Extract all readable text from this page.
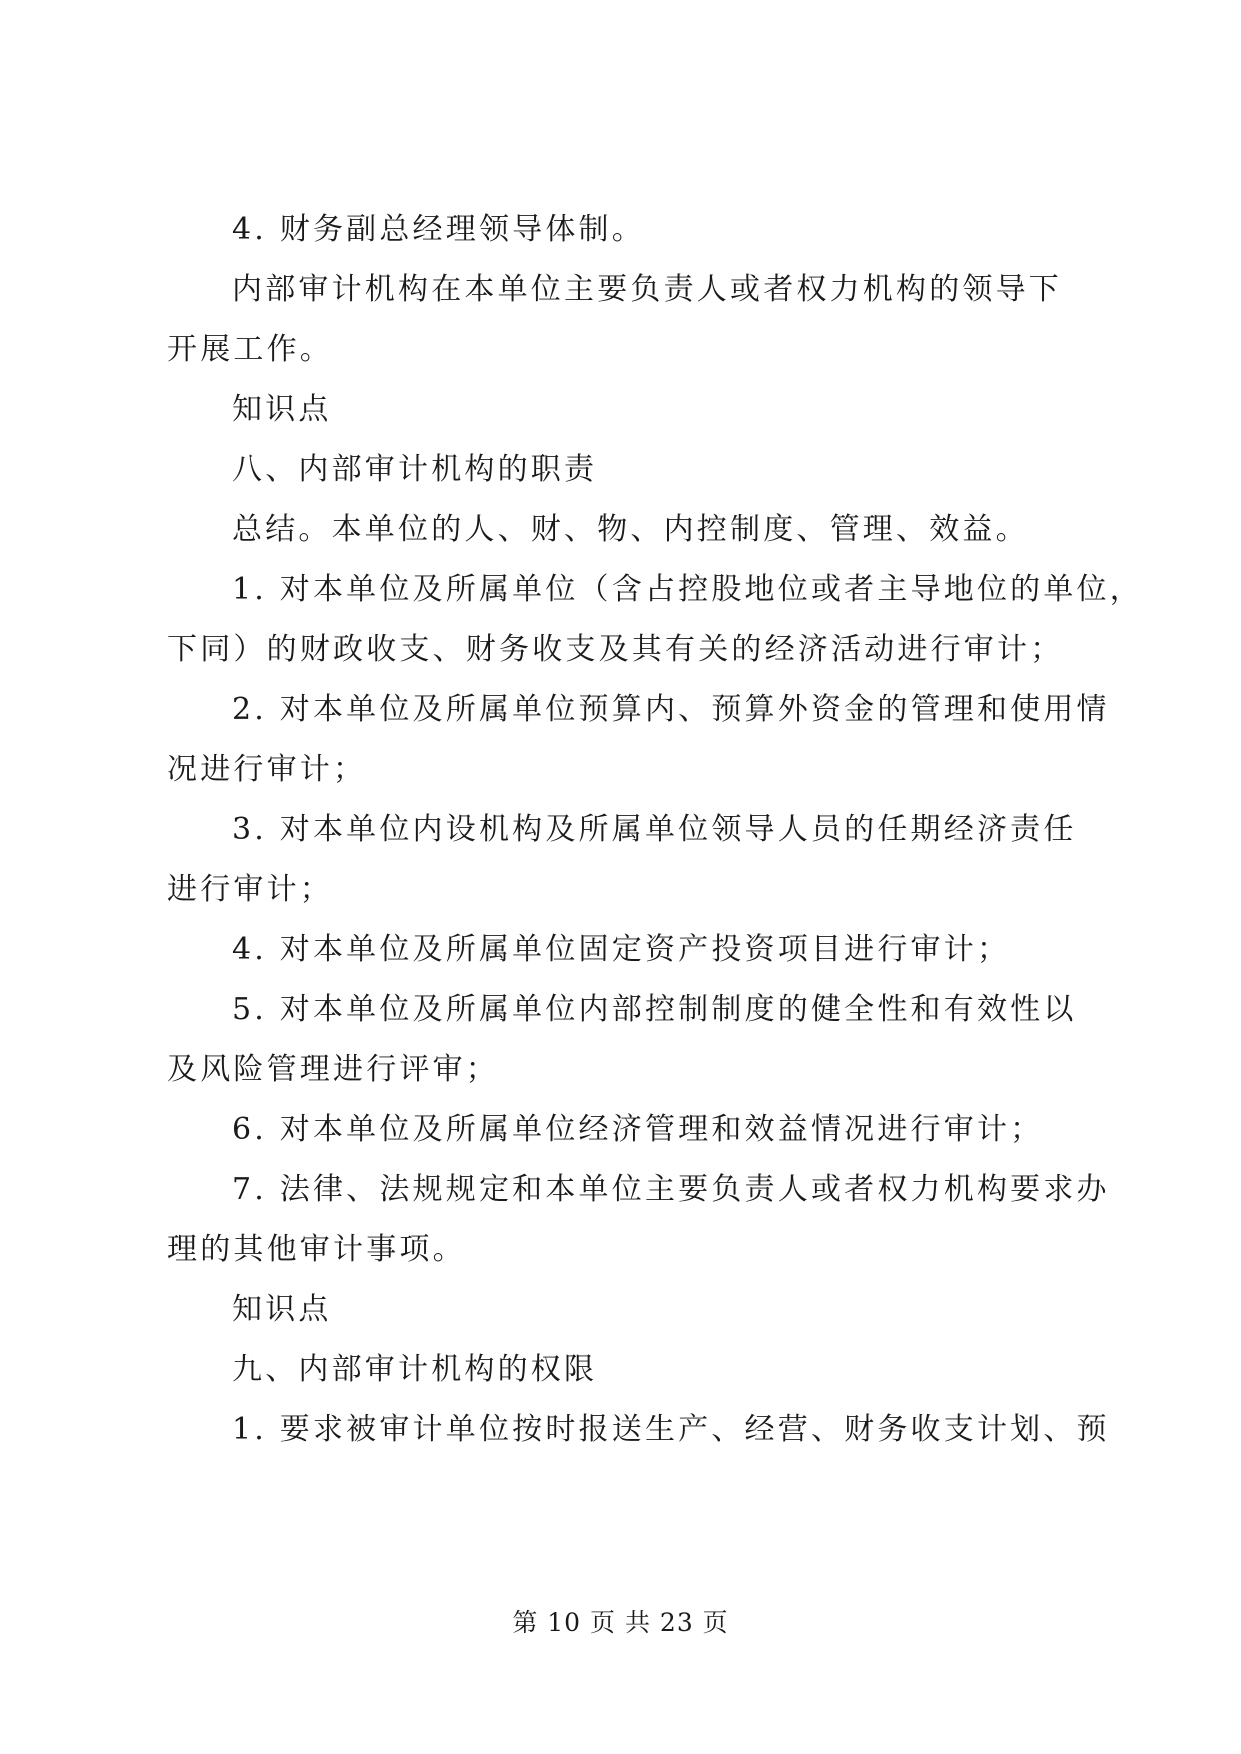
4. 财务副总经理领导体制。
内部审计机构在本单位主要负责人或者权力机构的领导下
开展工作。
知识点
八、内部审计机构的职责
总结。本单位的人、财、物、内控制度、管理、效益。
1. 对本单位及所属单位（含占控股地位或者主导地位的单位，
下同）的财政收支、财务收支及其有关的经济活动进行审计；
2. 对本单位及所属单位预算内、预算外资金的管理和使用情
况进行审计；
3. 对本单位内设机构及所属单位领导人员的任期经济责任
进行审计；
4. 对本单位及所属单位固定资产投资项目进行审计；
5. 对本单位及所属单位内部控制制度的健全性和有效性以
及风险管理进行评审；
6. 对本单位及所属单位经济管理和效益情况进行审计；
7. 法律、法规规定和本单位主要负责人或者权力机构要求办
理的其他审计事项。
知识点
九、内部审计机构的权限
1. 要求被审计单位按时报送生产、经营、财务收支计划、预
第 10 页 共 23 页
